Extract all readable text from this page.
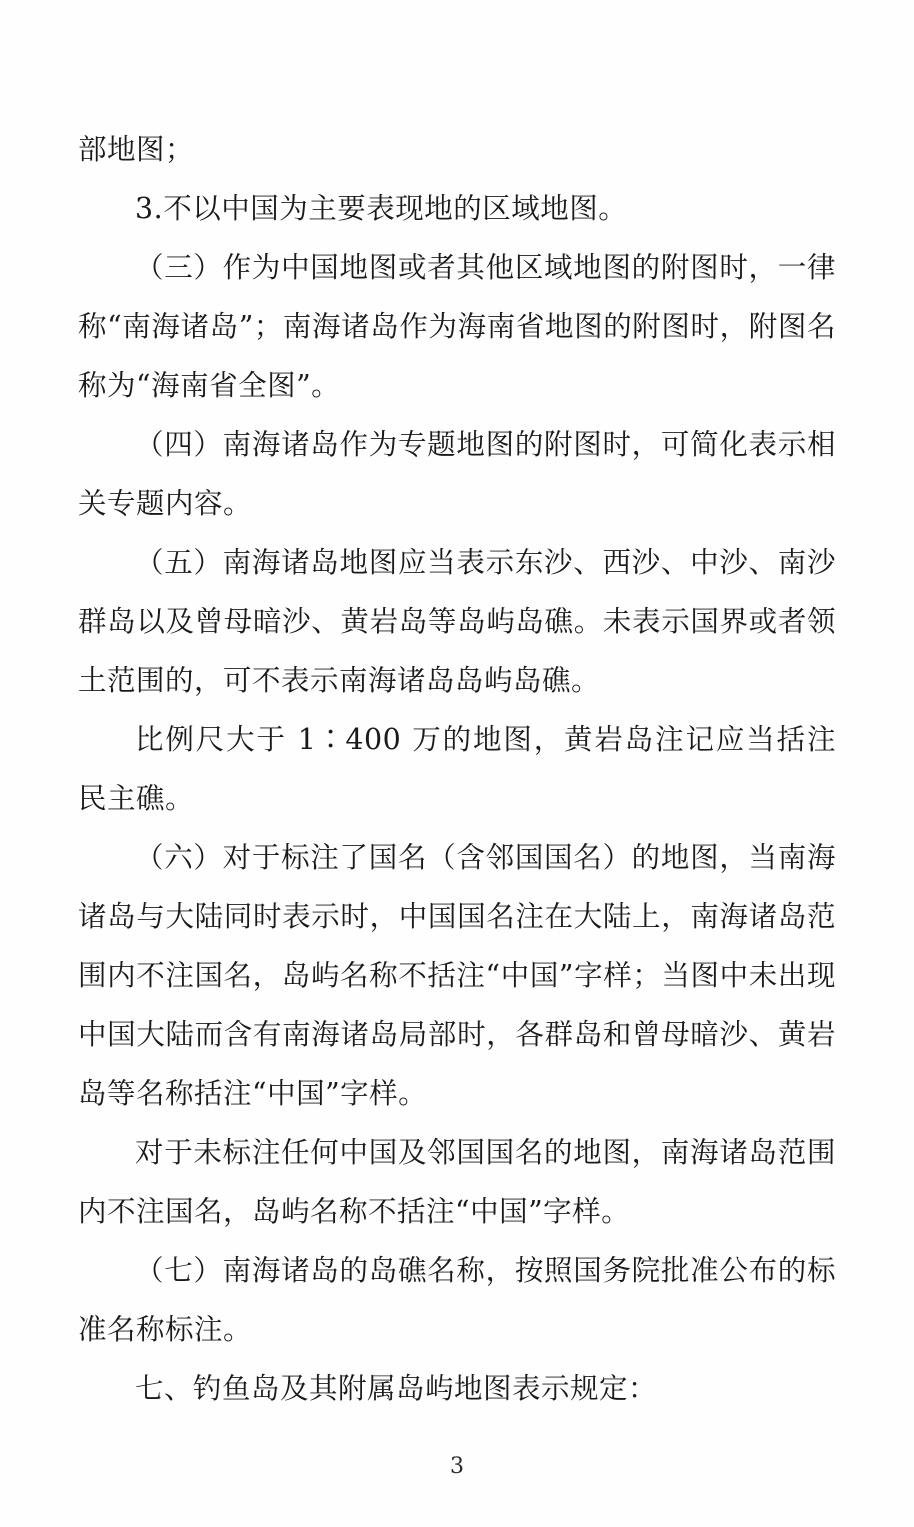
部地图；

3.不以中国为主要表现地的区域地图。

（三）作为中国地图或者其他区域地图的附图时，一律称“南海诸岛”；南海诸岛作为海南省地图的附图时，附图名称为“海南省全图”。

（四）南海诸岛作为专题地图的附图时，可简化表示相关专题内容。

（五）南海诸岛地图应当表示东沙、西沙、中沙、南沙群岛以及曾母暗沙、黄岩岛等岛屿岛礁。未表示国界或者领土范围的，可不表示南海诸岛岛屿岛礁。

比例尺大于 1∶400 万的地图，黄岩岛注记应当括注民主礁。

（六）对于标注了国名（含邻国国名）的地图，当南海诸岛与大陆同时表示时，中国国名注在大陆上，南海诸岛范围内不注国名，岛屿名称不括注“中国”字样；当图中未出现中国大陆而含有南海诸岛局部时，各群岛和曾母暗沙、黄岩岛等名称括注“中国”字样。

对于未标注任何中国及邻国国名的地图，南海诸岛范围内不注国名，岛屿名称不括注“中国”字样。

（七）南海诸岛的岛礁名称，按照国务院批准公布的标准名称标注。

七、钓鱼岛及其附属岛屿地图表示规定：

3
